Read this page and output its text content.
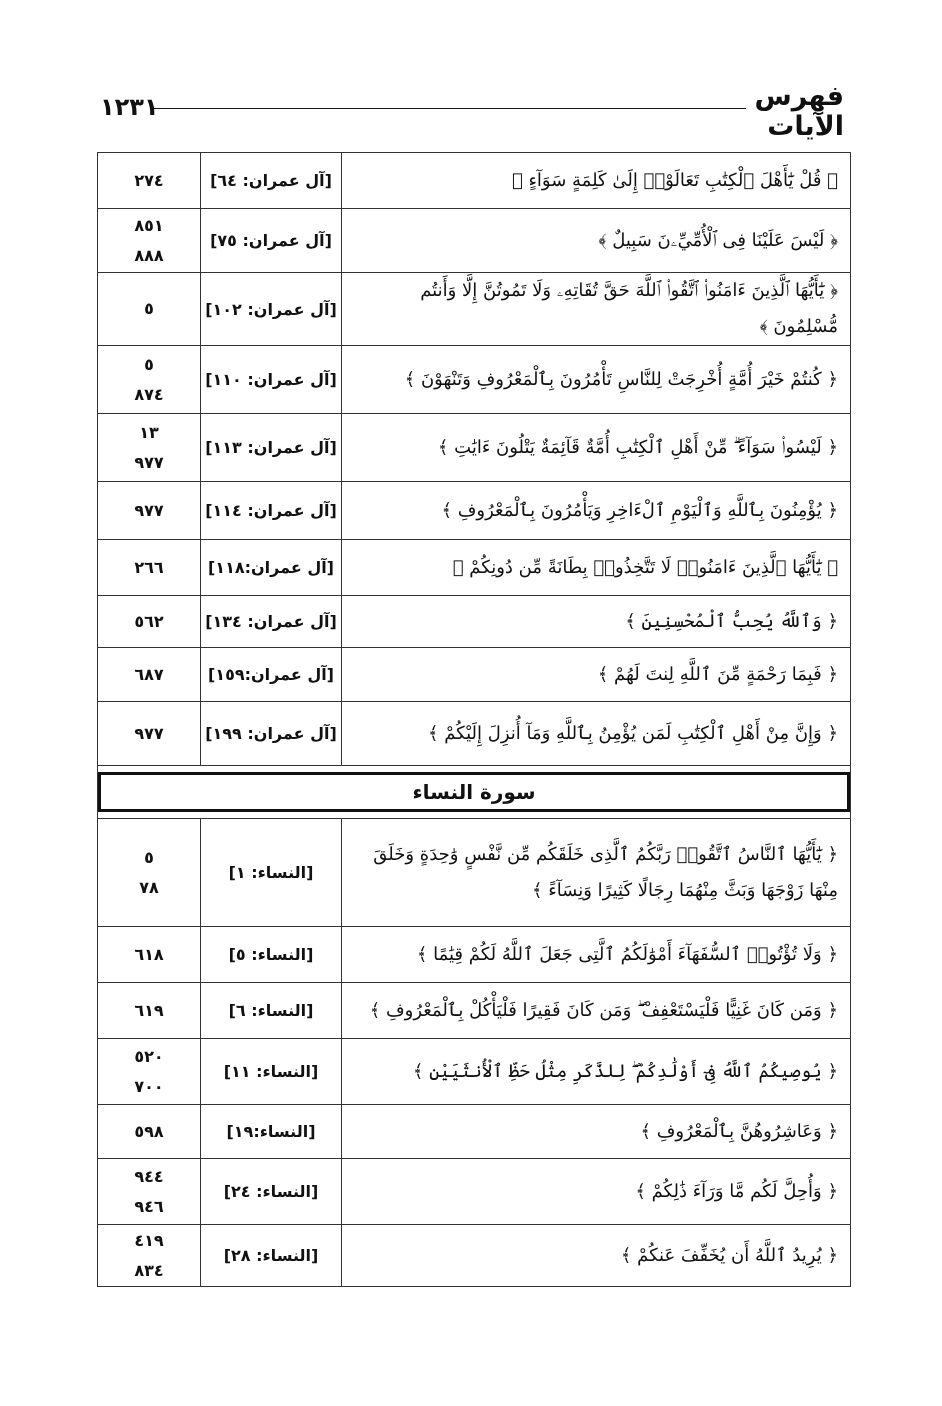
فهرس
الآيات
١٢٣١
﴿ قُلْ يَٰٓأَهْلَ ٱلْكِتَٰبِ تَعَالَوْا۟ إِلَىٰ كَلِمَةٍ سَوَآءٍ ﴾	[آل عمران: ٦٤]	٢٧٤

﴿ لَيْسَ عَلَيْنَا فِى ٱلْأُمِّيِّۦنَ سَبِيلٌ ﴾	[آل عمران: ٧٥]	٨٥١
٨٨٨

﴿ يَٰٓأَيُّهَا ٱلَّذِينَ ءَامَنُوا۟ ٱتَّقُوا۟ ٱللَّهَ حَقَّ تُقَاتِهِۦ وَلَا تَمُوتُنَّ إِلَّا وَأَنتُم مُّسْلِمُونَ ﴾	[آل عمران: ١٠٢]	٥

﴿ كُنتُمْ خَيْرَ أُمَّةٍ أُخْرِجَتْ لِلنَّاسِ تَأْمُرُونَ بِٱلْمَعْرُوفِ وَتَنْهَوْنَ ﴾	[آل عمران: ١١٠]	٥
٨٧٤

﴿ لَيْسُوا۟ سَوَآءً ۗ مِّنْ أَهْلِ ٱلْكِتَٰبِ أُمَّةٌ قَآئِمَةٌ يَتْلُونَ ءَايَٰتِ ﴾	[آل عمران: ١١٣]	١٣
٩٧٧

﴿ يُؤْمِنُونَ بِٱللَّهِ وَٱلْيَوْمِ ٱلْءَاخِرِ وَيَأْمُرُونَ بِٱلْمَعْرُوفِ ﴾	[آل عمران: ١١٤]	٩٧٧

﴿ يَٰٓأَيُّهَا ٱلَّذِينَ ءَامَنُوا۟ لَا تَتَّخِذُوا۟ بِطَانَةً مِّن دُونِكُمْ ﴾	[آل عمران:١١٨]	٢٦٦

﴿ وَٱللَّهُ يُحِبُّ ٱلْمُحْسِنِينَ ﴾	[آل عمران: ١٣٤]	٥٦٢

﴿ فَبِمَا رَحْمَةٍ مِّنَ ٱللَّهِ لِنتَ لَهُمْ ﴾	[آل عمران:١٥٩]	٦٨٧

﴿ وَإِنَّ مِنْ أَهْلِ ٱلْكِتَٰبِ لَمَن يُؤْمِنُ بِٱللَّهِ وَمَآ أُنزِلَ إِلَيْكُمْ ﴾	[آل عمران: ١٩٩]	٩٧٧

سورة النساء		

﴿ يَٰٓأَيُّهَا ٱلنَّاسُ ٱتَّقُوا۟ رَبَّكُمُ ٱلَّذِى خَلَقَكُم مِّن نَّفْسٍ وَٰحِدَةٍ وَخَلَقَ مِنْهَا زَوْجَهَا وَبَثَّ مِنْهُمَا رِجَالًا كَثِيرًا وَنِسَآءً ﴾	[النساء: ١]	٥
٧٨

﴿ وَلَا تُؤْتُوا۟ ٱلسُّفَهَآءَ أَمْوَٰلَكُمُ ٱلَّتِى جَعَلَ ٱللَّهُ لَكُمْ قِيَٰمًا ﴾	[النساء: ٥]	٦١٨

﴿ وَمَن كَانَ غَنِيًّا فَلْيَسْتَعْفِفْ ۖ وَمَن كَانَ فَقِيرًا فَلْيَأْكُلْ بِٱلْمَعْرُوفِ ﴾	[النساء: ٦]	٦١٩

﴿ يُوصِيكُمُ ٱللَّهُ فِىٓ أَوْلَٰدِكُمْ ۖ لِلذَّكَرِ مِثْلُ حَظِّ ٱلْأُنثَيَيْنِ ﴾	[النساء: ١١]	٥٢٠
٧٠٠

﴿ وَعَاشِرُوهُنَّ بِٱلْمَعْرُوفِ ﴾	[النساء:١٩]	٥٩٨

﴿ وَأُحِلَّ لَكُم مَّا وَرَآءَ ذَٰلِكُمْ ﴾	[النساء: ٢٤]	٩٤٤
٩٤٦

﴿ يُرِيدُ ٱللَّهُ أَن يُخَفِّفَ عَنكُمْ ﴾	[النساء: ٢٨]	٤١٩
٨٣٤
